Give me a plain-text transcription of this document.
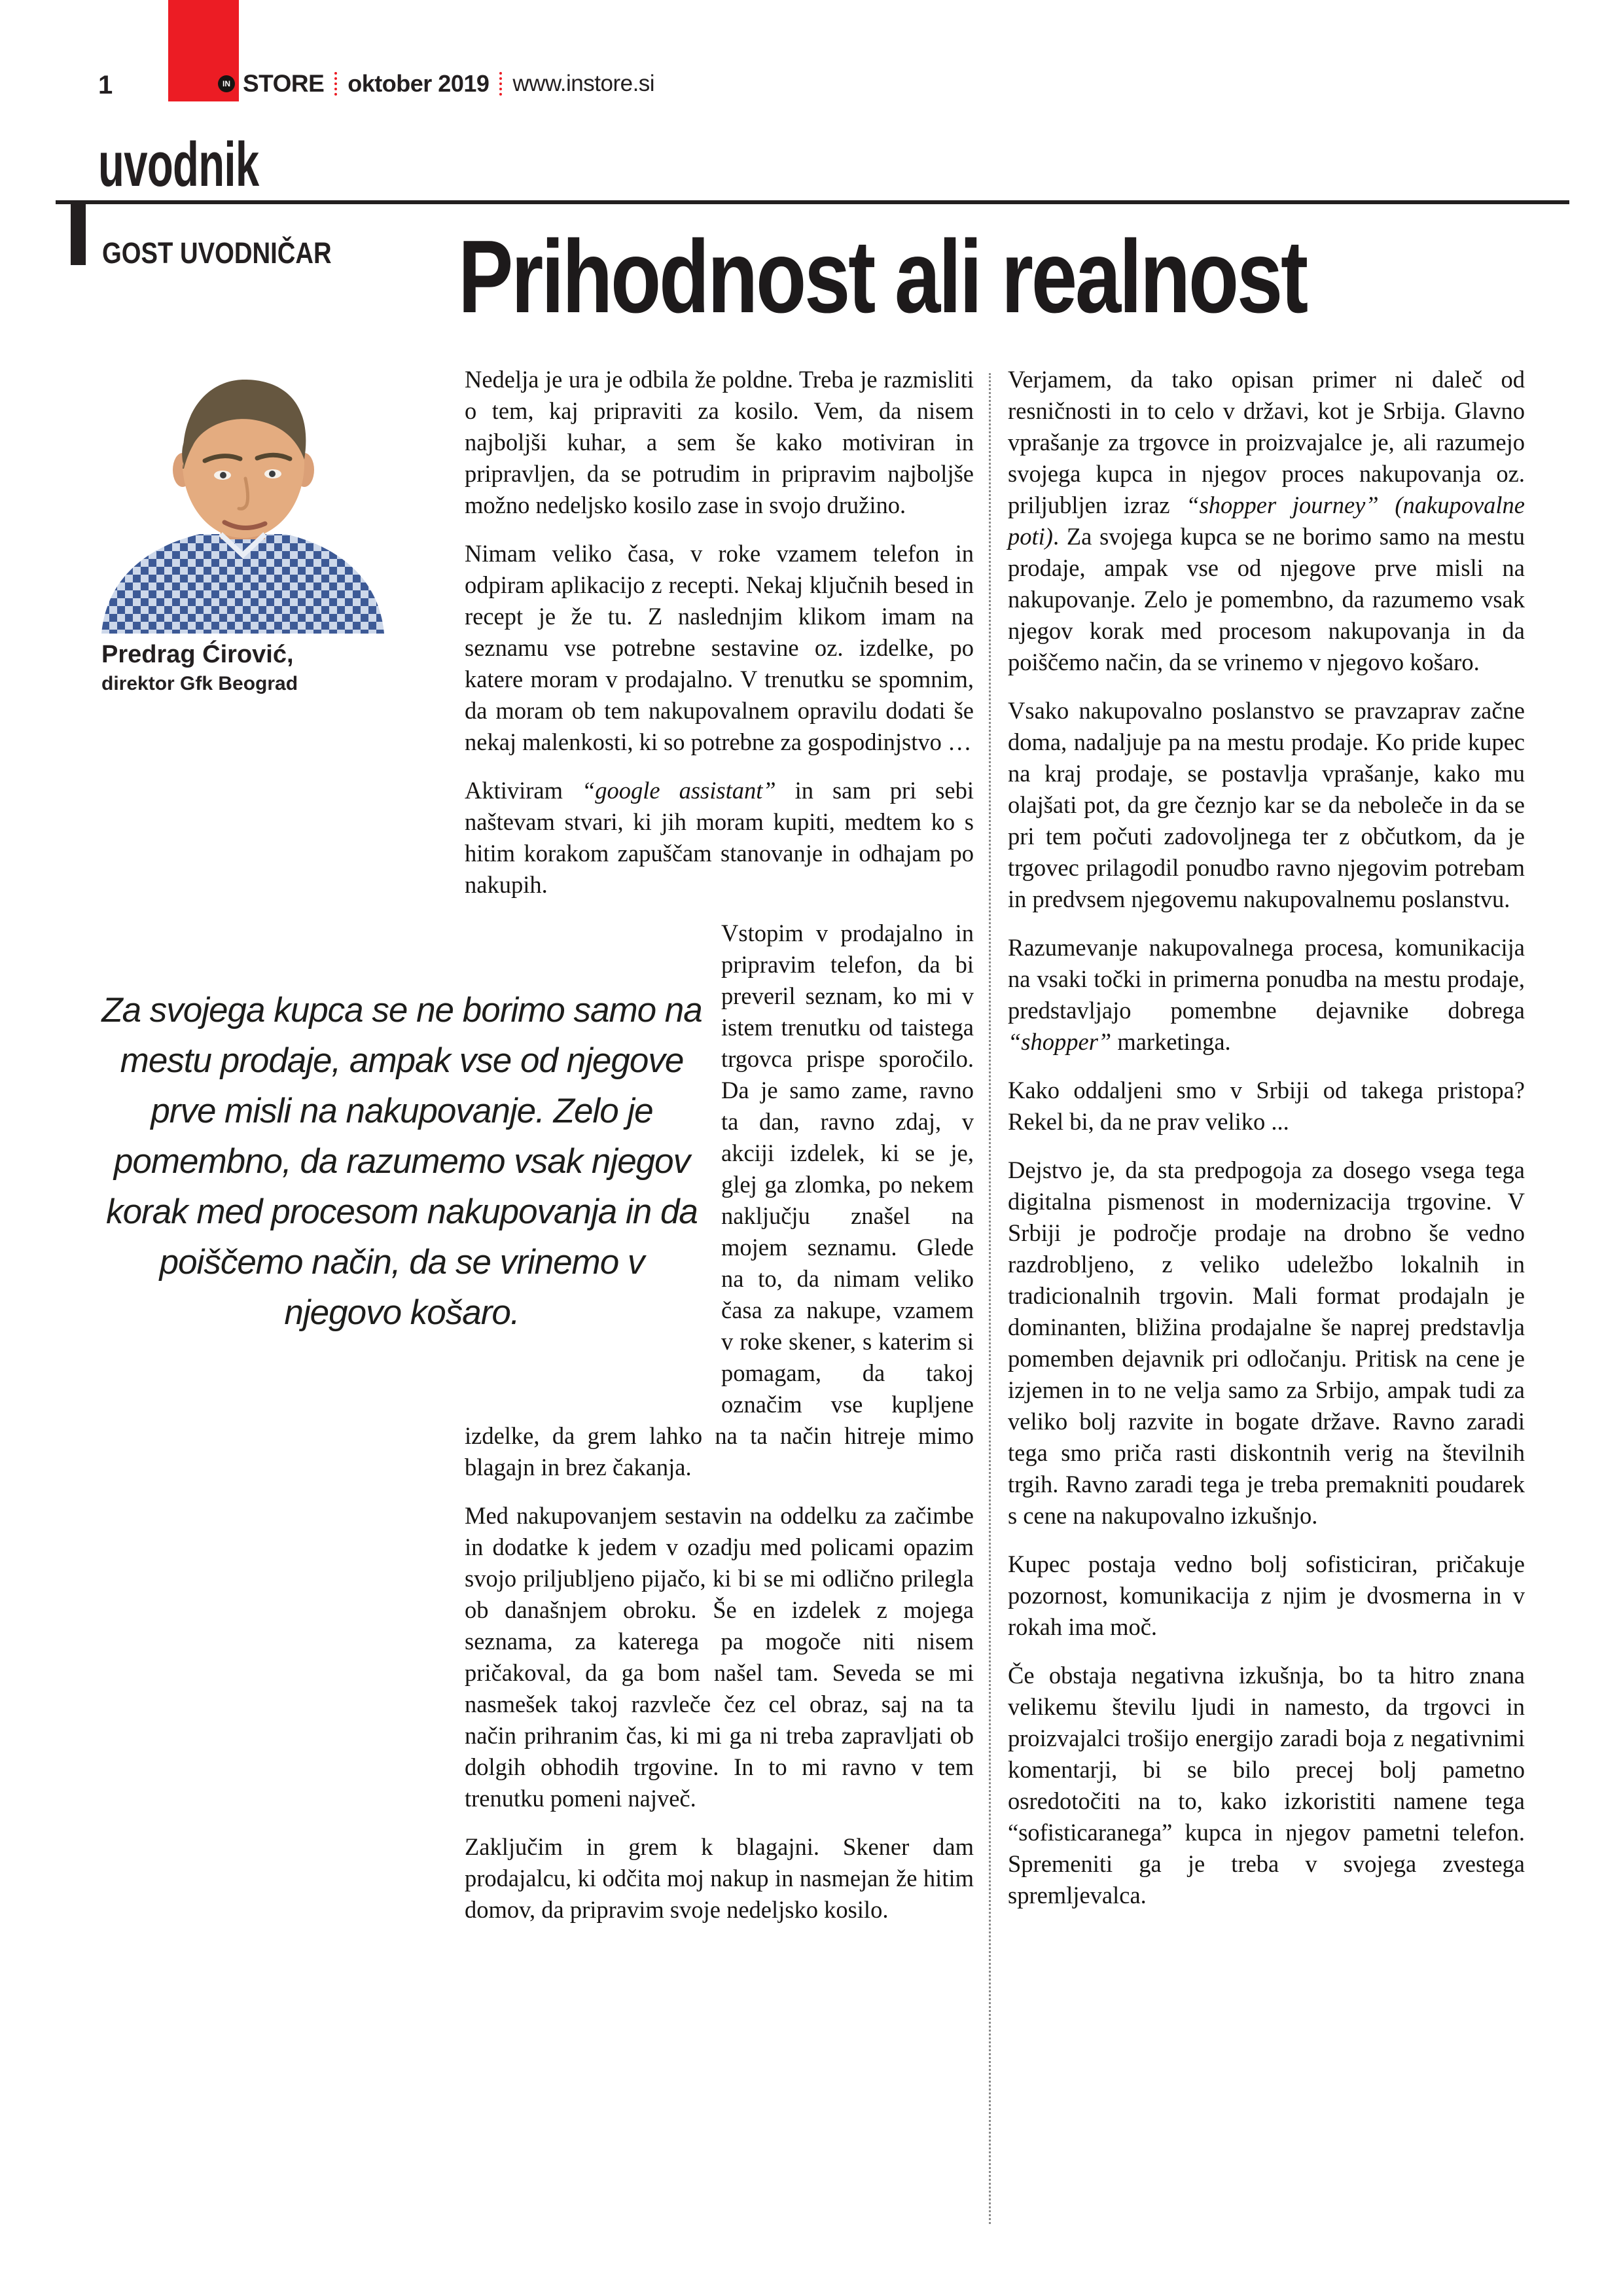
1	IN STORE oktober 2019 www.instore.si
uvodnik
GOST UVODNIČAR Prihodnost ali realnost
Predrag Ćirović,
direktor Gfk Beograd

Nedelja je ura je odbila že poldne. Treba je razmisliti o tem, kaj pripraviti za kosilo. Vem, da nisem najboljši kuhar, a sem še kako motiviran in pripravljen, da se potrudim in pripravim najboljše možno nedeljsko kosilo zase in svojo družino.

Nimam veliko časa, v roke vzamem telefon in odpiram aplikacijo z recepti. Nekaj ključnih besed in recept je že tu. Z naslednjim klikom imam na seznamu vse potrebne sestavine oz. izdelke, po katere moram v prodajalno. V trenutku se spomnim, da moram ob tem nakupovalnem opravilu dodati še nekaj malenkosti, ki so potrebne za gospodinjstvo …

Aktiviram “google assistant” in sam pri sebi naštevam stvari, ki jih moram kupiti, medtem ko s hitim korakom zapuščam stanovanje in odhajam po nakupih.

Za svojega kupca se ne borimo samo na mestu prodaje, ampak vse od njegove prve misli na nakupovanje. Zelo je pomembno, da razumemo vsak njegov korak med procesom nakupovanja in da poiščemo način, da se vrinemo v njegovo košaro.
Vstopim v prodajalno in pripravim telefon, da bi preveril seznam, ko mi v istem trenutku od taistega trgovca prispe sporočilo. Da je samo zame, ravno ta dan, ravno zdaj, v akciji izdelek, ki se je, glej ga zlomka, po nekem naključju znašel na mojem seznamu. Glede na to, da nimam veliko časa za nakupe, vzamem v roke skener, s katerim si pomagam, da takoj označim vse kupljene izdelke, da grem lahko na ta način hitreje mimo blagajn in brez čakanja.

Med nakupovanjem sestavin na oddelku za začimbe in dodatke k jedem v ozadju med policami opazim svojo priljubljeno pijačo, ki bi se mi odlično prilegla ob današnjem obroku. Še en izdelek z mojega seznama, za katerega pa mogoče niti nisem pričakoval, da ga bom našel tam. Seveda se mi nasmešek takoj razvleče čez cel obraz, saj na ta način prihranim čas, ki mi ga ni treba zapravljati ob dolgih obhodih trgovine. In to mi ravno v tem trenutku pomeni največ.

Zaključim in grem k blagajni. Skener dam prodajalcu, ki odčita moj nakup in nasmejan že hitim domov, da pripravim svoje nedeljsko kosilo.

Verjamem, da tako opisan primer ni daleč od resničnosti in to celo v državi, kot je Srbija. Glavno vprašanje za trgovce in proizvajalce je, ali razumejo svojega kupca in njegov proces nakupovanja oz. priljubljen izraz “shopper journey” (nakupovalne poti). Za svojega kupca se ne borimo samo na mestu prodaje, ampak vse od njegove prve misli na nakupovanje. Zelo je pomembno, da razumemo vsak njegov korak med procesom nakupovanja in da poiščemo način, da se vrinemo v njegovo košaro.

Vsako nakupovalno poslanstvo se pravzaprav začne doma, nadaljuje pa na mestu prodaje. Ko pride kupec na kraj prodaje, se postavlja vprašanje, kako mu olajšati pot, da gre čeznjo kar se da neboleče in da se pri tem počuti zadovoljnega ter z občutkom, da je trgovec prilagodil ponudbo ravno njegovim potrebam in predvsem njegovemu nakupovalnemu poslanstvu.

Razumevanje nakupovalnega procesa, komunikacija na vsaki točki in primerna ponudba na mestu prodaje, predstavljajo pomembne dejavnike dobrega “shopper” marketinga.

Kako oddaljeni smo v Srbiji od takega pristopa? Rekel bi, da ne prav veliko ...

Dejstvo je, da sta predpogoja za dosego vsega tega digitalna pismenost in modernizacija trgovine. V Srbiji je področje prodaje na drobno še vedno razdrobljeno, z veliko udeležbo lokalnih in tradicionalnih trgovin. Mali format prodajaln je dominanten, bližina prodajalne še naprej predstavlja pomemben dejavnik pri odločanju. Pritisk na cene je izjemen in to ne velja samo za Srbijo, ampak tudi za veliko bolj razvite in bogate države. Ravno zaradi tega smo priča rasti diskontnih verig na številnih trgih. Ravno zaradi tega je treba premakniti poudarek s cene na nakupovalno izkušnjo.

Kupec postaja vedno bolj sofisticiran, pričakuje pozornost, komunikacija z njim je dvosmerna in v rokah ima moč.

Če obstaja negativna izkušnja, bo ta hitro znana velikemu številu ljudi in namesto, da trgovci in proizvajalci trošijo energijo zaradi boja z negativnimi komentarji, bi se bilo precej bolj pametno osredotočiti na to, kako izkoristiti namene tega “sofisticaranega” kupca in njegov pametni telefon. Spremeniti ga je treba v svojega zvestega spremljevalca.
